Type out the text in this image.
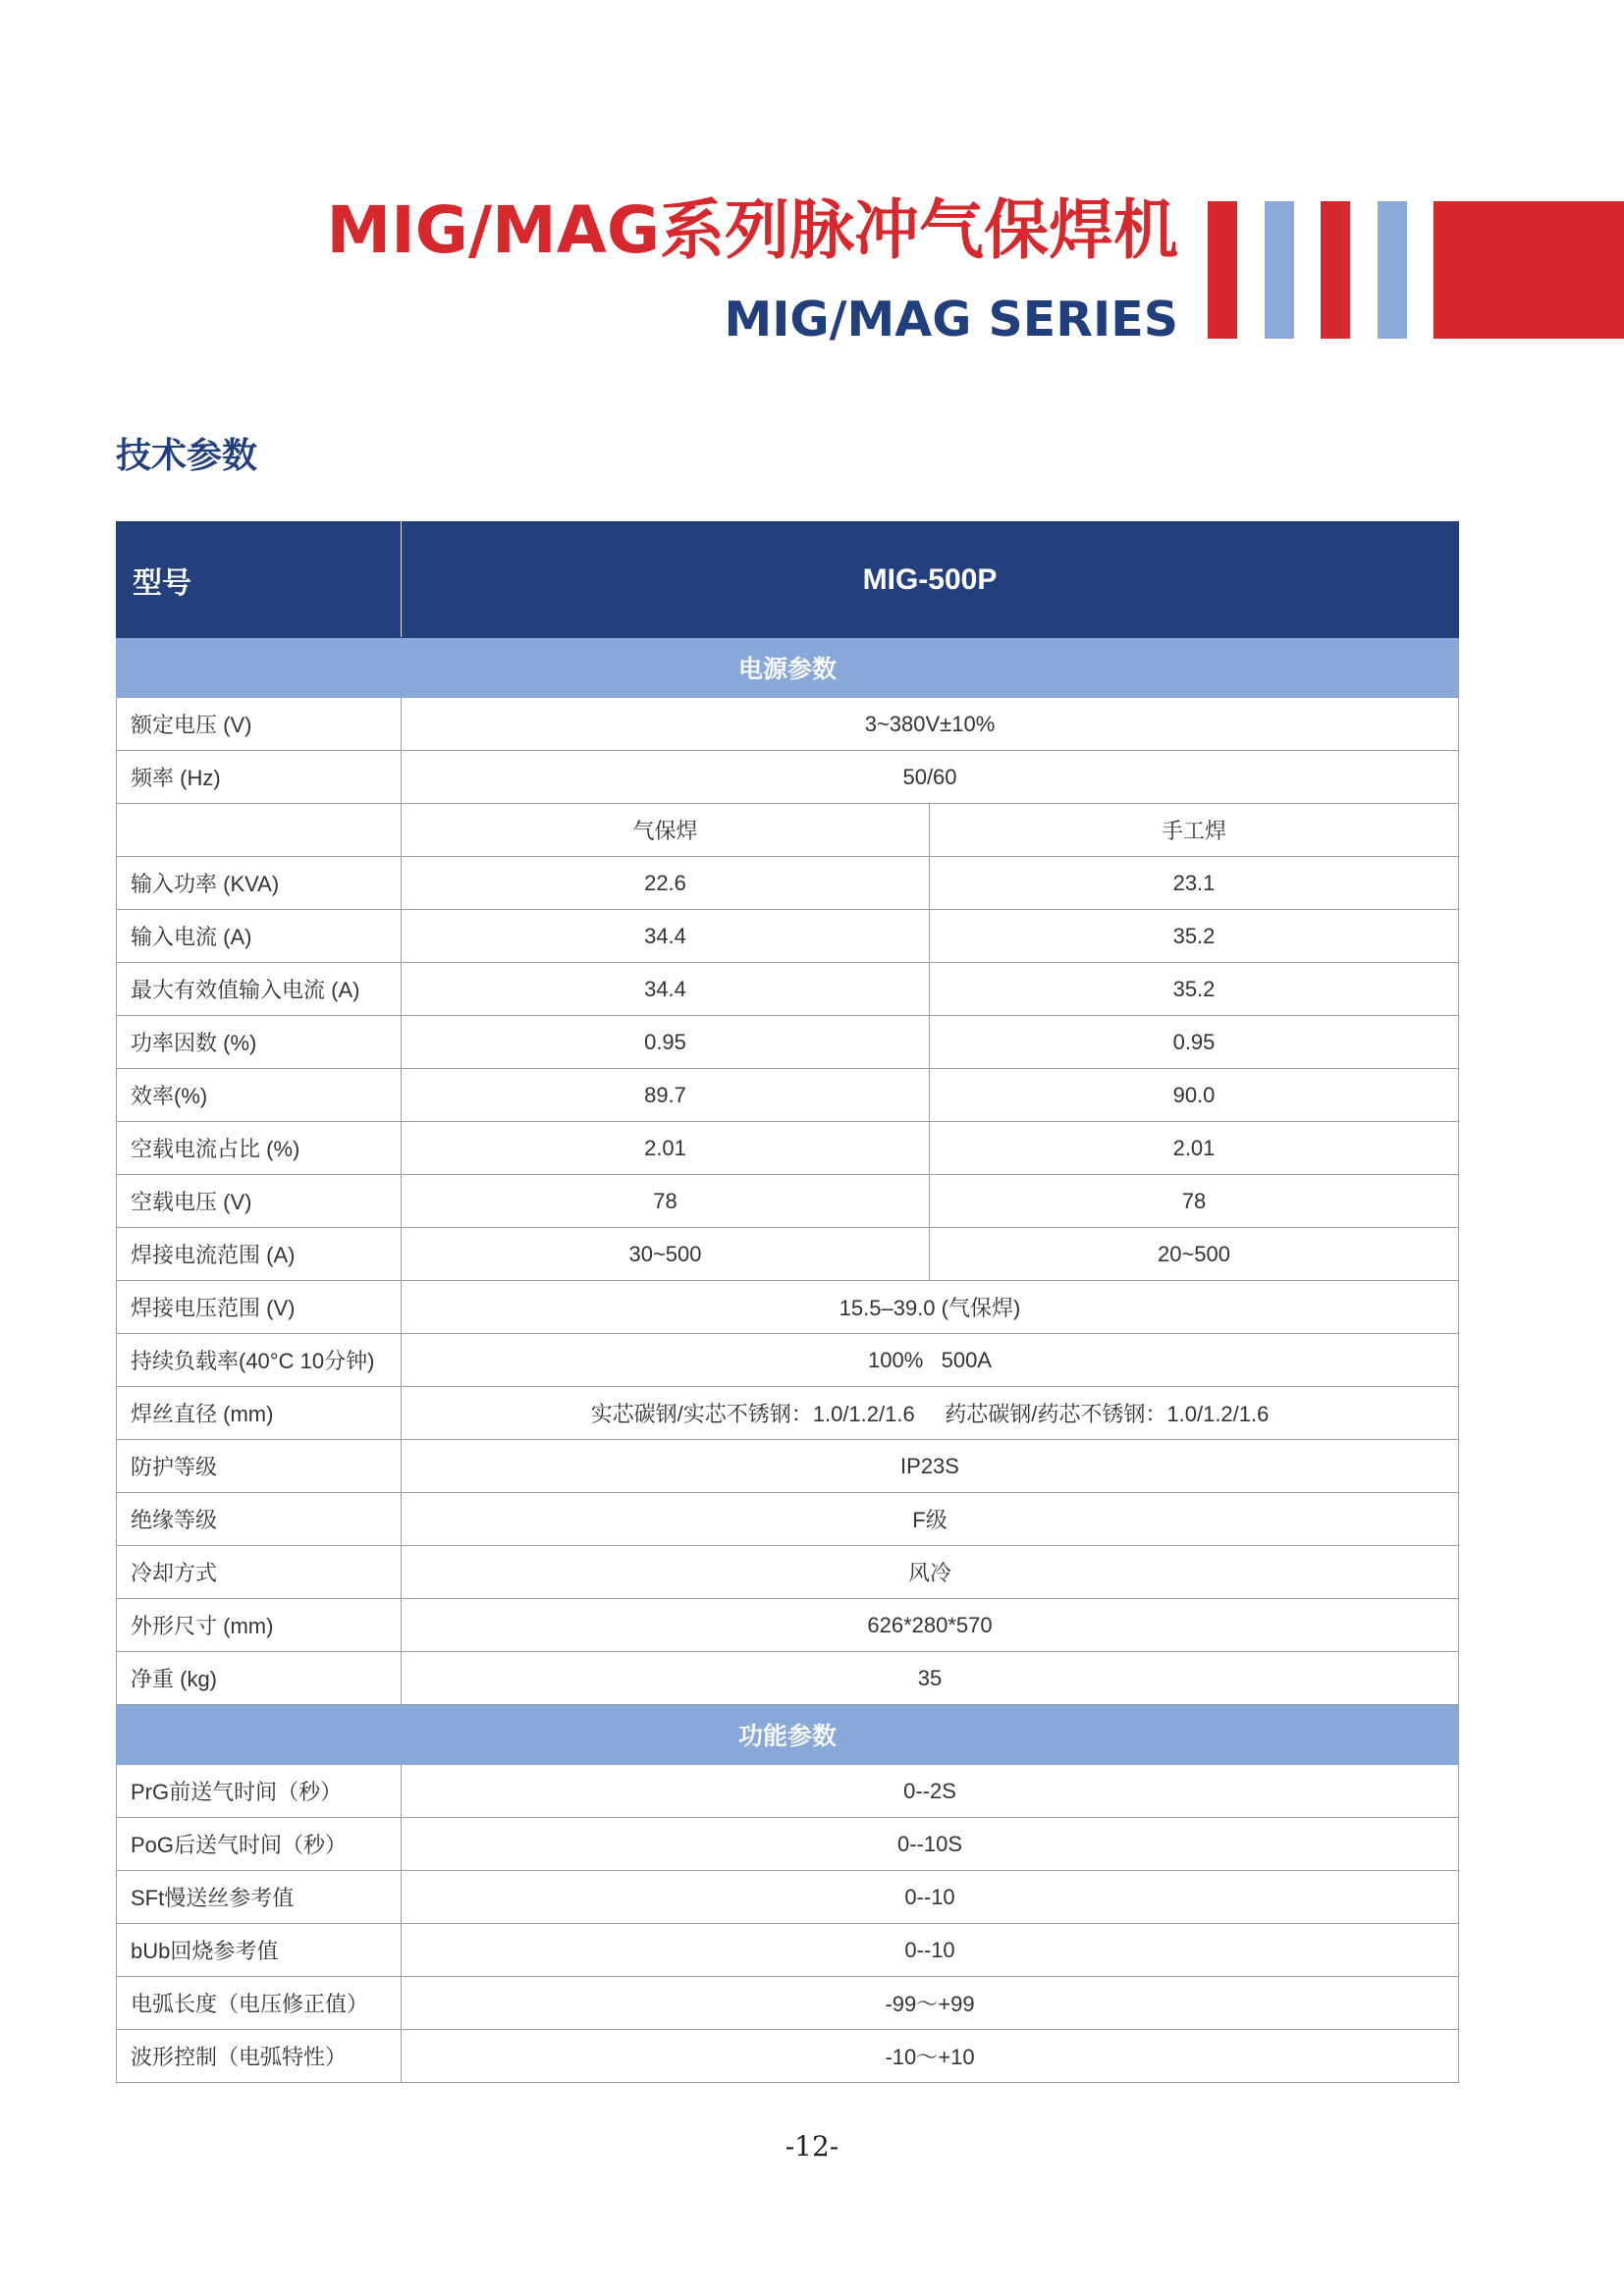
MIG/MAG系列脉冲气保焊机
MIG/MAG SERIES
技术参数
型号	MIG-500P	
电源参数		
额定电压 (V)	3~380V±10%	
频率 (Hz)	50/60	
	气保焊	手工焊
输入功率 (KVA)	22.6	23.1
输入电流 (A)	34.4	35.2
最大有效值输入电流 (A)	34.4	35.2
功率因数 (%)	0.95	0.95
效率(%)	89.7	90.0
空载电流占比 (%)	2.01	2.01
空载电压 (V)	78	78
焊接电流范围 (A)	30~500	20~500
焊接电压范围 (V)	15.5–39.0 (气保焊)	
持续负载率(40°C 10分钟)	100%   500A	
焊丝直径 (mm)	实芯碳钢/实芯不锈钢：1.0/1.2/1.6     药芯碳钢/药芯不锈钢：1.0/1.2/1.6	
防护等级	IP23S	
绝缘等级	F级	
冷却方式	风冷	
外形尺寸 (mm)	626*280*570	
净重 (kg)	35	
功能参数		
PrG前送气时间（秒）	0--2S	
PoG后送气时间（秒）	0--10S	
SFt慢送丝参考值	0--10	
bUb回烧参考值	0--10	
电弧长度（电压修正值）	-99～+99	
波形控制（电弧特性）	-10～+10	
-12-
